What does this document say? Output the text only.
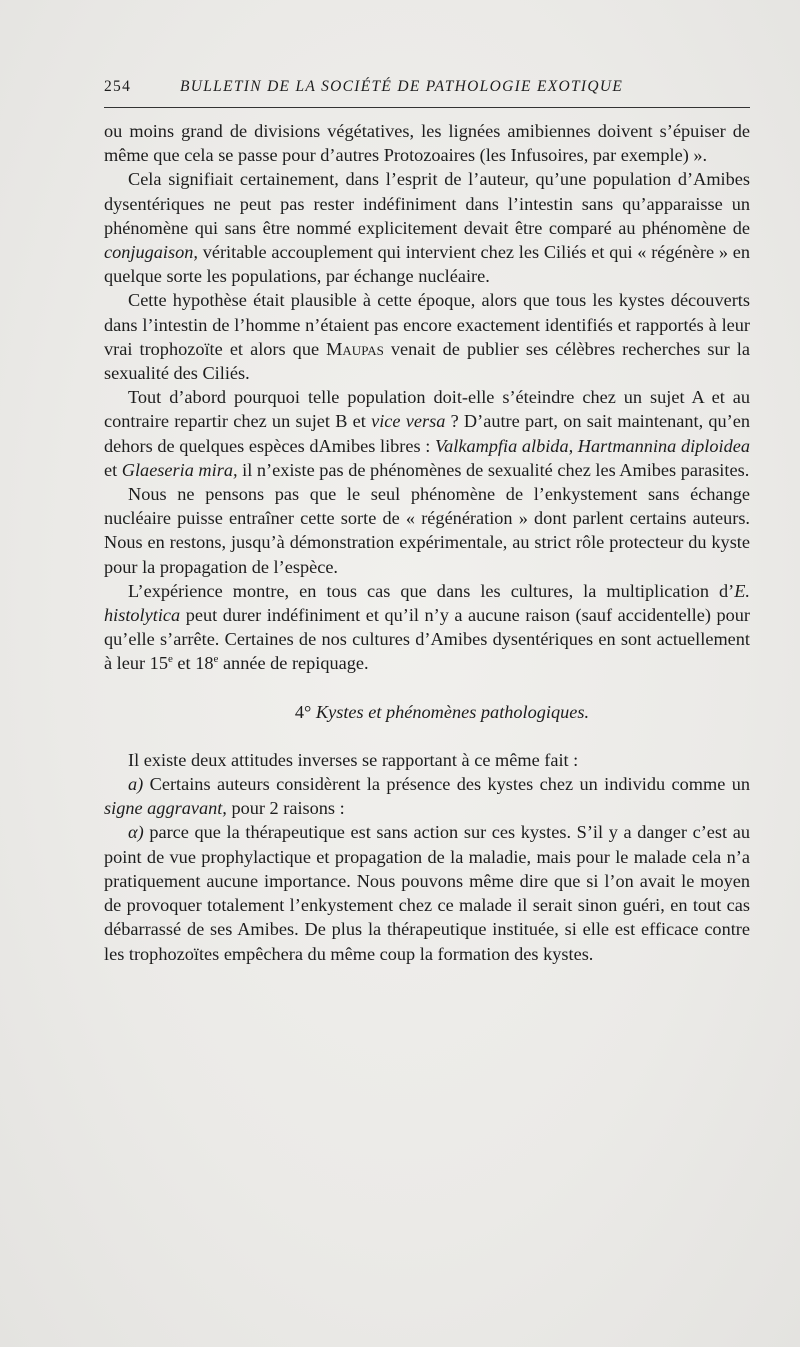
254	BULLETIN DE LA SOCIÉTÉ DE PATHOLOGIE EXOTIQUE

ou moins grand de divisions végétatives, les lignées amibiennes doivent s’épuiser de même que cela se passe pour d’autres Protozoaires (les Infusoires, par exemple) ».

Cela signifiait certainement, dans l’esprit de l’auteur, qu’une population d’Amibes dysentériques ne peut pas rester indéfiniment dans l’intestin sans qu’apparaisse un phénomène qui sans être nommé explicitement devait être comparé au phénomène de conjugaison, véritable accouplement qui intervient chez les Ciliés et qui « régénère » en quelque sorte les populations, par échange nucléaire.

Cette hypothèse était plausible à cette époque, alors que tous les kystes découverts dans l’intestin de l’homme n’étaient pas encore exactement identifiés et rapportés à leur vrai trophozoïte et alors que Maupas venait de publier ses célèbres recherches sur la sexualité des Ciliés.

Tout d’abord pourquoi telle population doit-elle s’éteindre chez un sujet A et au contraire repartir chez un sujet B et vice versa ? D’autre part, on sait maintenant, qu’en dehors de quelques espèces dAmibes libres : Valkampfia albida, Hartmannina diploidea et Glaeseria mira, il n’existe pas de phénomènes de sexualité chez les Amibes parasites.

Nous ne pensons pas que le seul phénomène de l’enkystement sans échange nucléaire puisse entraîner cette sorte de « régénération » dont parlent certains auteurs. Nous en restons, jusqu’à démonstration expérimentale, au strict rôle protecteur du kyste pour la propagation de l’espèce.

L’expérience montre, en tous cas que dans les cultures, la multiplication d’E. histolytica peut durer indéfiniment et qu’il n’y a aucune raison (sauf accidentelle) pour qu’elle s’arrête. Certaines de nos cultures d’Amibes dysentériques en sont actuellement à leur 15e et 18e année de repiquage.

4° Kystes et phénomènes pathologiques.

Il existe deux attitudes inverses se rapportant à ce même fait :

a) Certains auteurs considèrent la présence des kystes chez un individu comme un signe aggravant, pour 2 raisons :

α) parce que la thérapeutique est sans action sur ces kystes. S’il y a danger c’est au point de vue prophylactique et propagation de la maladie, mais pour le malade cela n’a pratiquement aucune importance. Nous pouvons même dire que si l’on avait le moyen de provoquer totalement l’enkystement chez ce malade il serait sinon guéri, en tout cas débarrassé de ses Amibes. De plus la thérapeutique instituée, si elle est efficace contre les trophozoïtes empêchera du même coup la formation des kystes.
